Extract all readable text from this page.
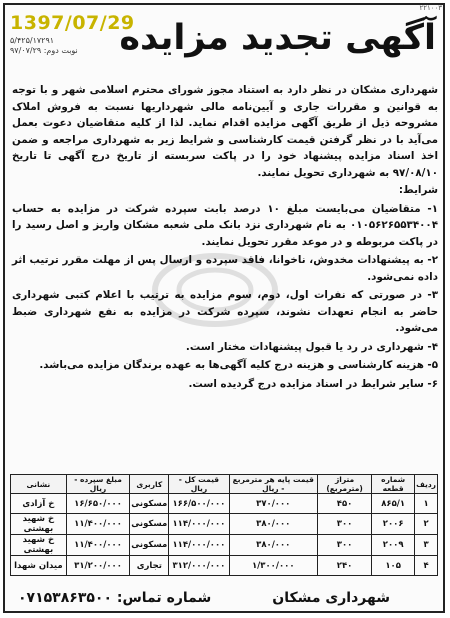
۲۲۱۰۰۳
1397/07/29
۵/۴۲۵/۱۷۲۹۱
نوبت دوم: ۹۷/۰۷/۲۹ آگهی تجدید مزایده

شهرداری مشکان در نظر دارد به استناد مجوز شورای محترم اسلامی شهر و با توجه به قوانین و مقررات جاری و آیین‌نامه مالی شهرداریها نسبت به فروش املاک مشروحه ذیل از طریق آگهی مزایده اقدام نماید. لذا از کلیه متقاضیان دعوت بعمل می‌آید با در نظر گرفتن قیمت کارشناسی و شرایط زیر به شهرداری مراجعه و ضمن اخذ اسناد مزایده پیشنهاد خود را در پاکت سربسته از تاریخ درج آگهی تا تاریخ ۹۷/۰۸/۱۰ به شهرداری تحویل نمایند.

شرایط:

۱- متقاضیان می‌بایست مبلغ ۱۰ درصد بابت سپرده شرکت در مزایده به حساب ۰۱۰۵۶۲۶۵۵۳۴۰۰۴ به نام شهرداری نزد بانک ملی شعبه مشکان واریز و اصل رسید را در پاکت مربوطه و در موعد مقرر تحویل نمایند.

۲- به پیشنهادات مخدوش، ناخوانا، فاقد سپرده و ارسال پس از مهلت مقرر ترتیب اثر داده نمی‌شود.

۳- در صورتی که نفرات اول، دوم، سوم مزایده به ترتیب با اعلام کتبی شهرداری حاضر به انجام تعهدات نشوند، سپرده شرکت در مزایده به نفع شهرداری ضبط می‌شود.

۴- شهرداری در رد یا قبول پیشنهادات مختار است.

۵- هزینه کارشناسی و هزینه درج کلیه آگهی‌ها به عهده برندگان مزایده می‌باشد.

۶- سایر شرایط در اسناد مزایده درج گردیده است.

ردیف	شماره قطعه	متراژ (مترمربع)	قیمت پایه هر مترمربع - ریال	قیمت کل - ریال	کاربری	مبلغ سپرده - ریال	نشانی
۱	۸۶۵/۱	۴۵۰	۳۷۰/۰۰۰	۱۶۶/۵۰۰/۰۰۰	مسکونی	۱۶/۶۵۰/۰۰۰	خ آزادی
۲	۲۰۰۶	۳۰۰	۳۸۰/۰۰۰	۱۱۴/۰۰۰/۰۰۰	مسکونی	۱۱/۴۰۰/۰۰۰	خ شهید بهشتی
۳	۲۰۰۹	۳۰۰	۳۸۰/۰۰۰	۱۱۴/۰۰۰/۰۰۰	مسکونی	۱۱/۴۰۰/۰۰۰	خ شهید بهشتی
۴	۱۰۵	۲۴۰	۱/۳۰۰/۰۰۰	۳۱۲/۰۰۰/۰۰۰	تجاری	۳۱/۲۰۰/۰۰۰	میدان شهدا
شهرداری مشکان
شماره تماس: ۰۷۱۵۳۸۶۳۵۰۰
